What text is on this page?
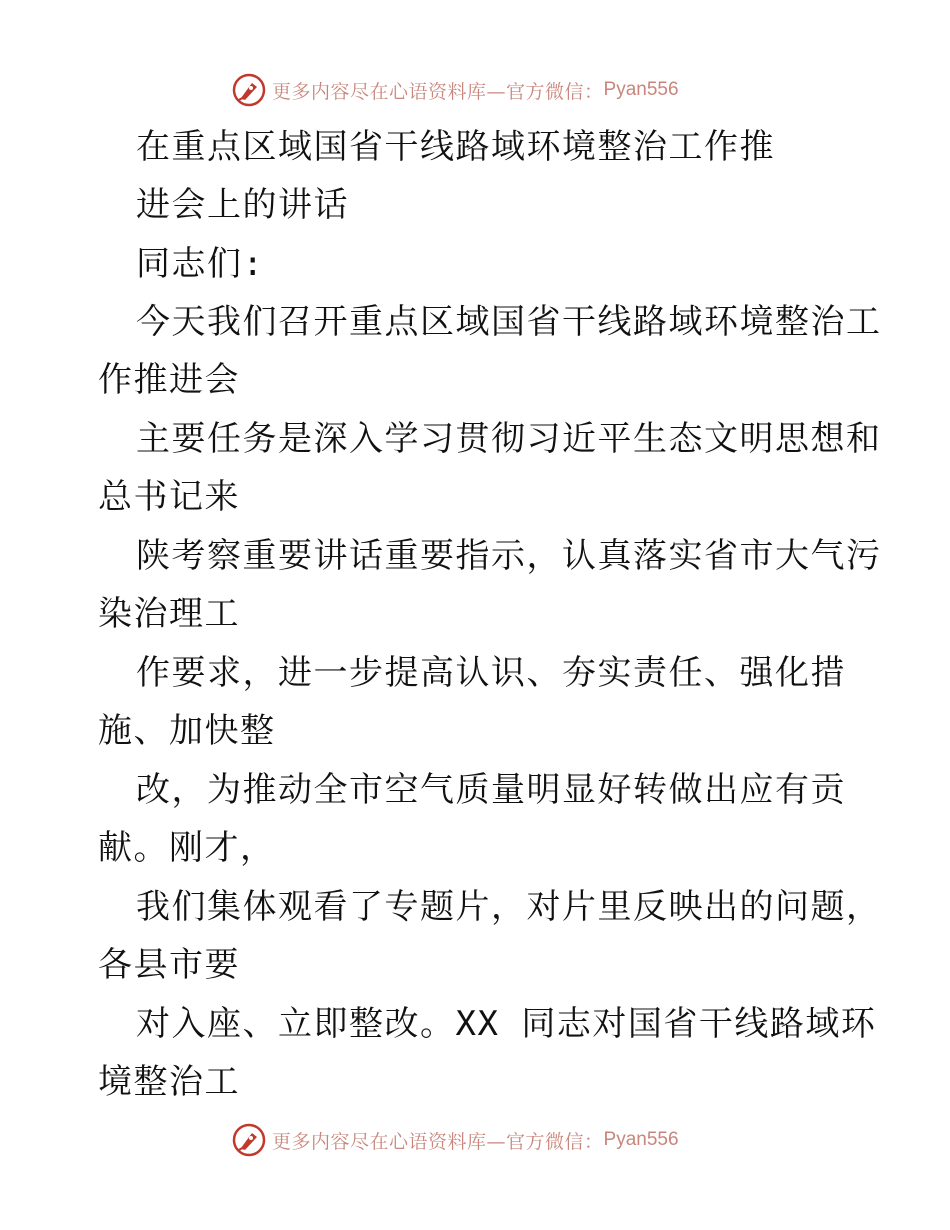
更多内容尽在心语资料库—官方微信： Pyan556
在重点区域国省干线路域环境整治工作推
进会上的讲话
同志们:
今天我们召开重点区域国省干线路域环境整治工
作推进会
主要任务是深入学习贯彻习近平生态文明思想和
总书记来
陕考察重要讲话重要指示，认真落实省市大气污
染治理工
作要求，进一步提高认识、夯实责任、强化措
施、加快整
改，为推动全市空气质量明显好转做出应有贡
献。刚才，
我们集体观看了专题片，对片里反映出的问题，
各县市要
对入座、立即整改。XX 同志对国省干线路域环
境整治工
更多内容尽在心语资料库—官方微信： Pyan556
